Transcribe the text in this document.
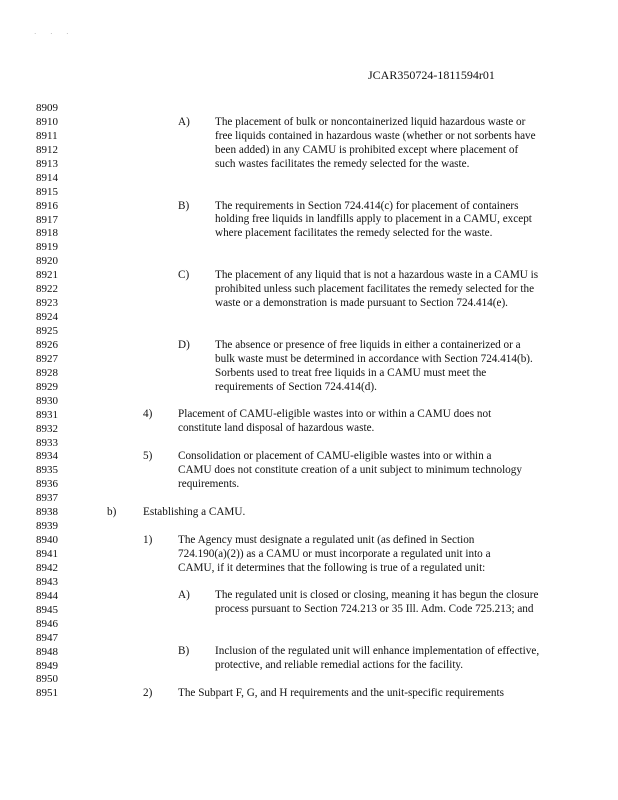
· · ·
JCAR350724-1811594r01
8909
8910
8911
8912
8913
8914
8915
8916
8917
8918
8919
8920
8921
8922
8923
8924
8925
8926
8927
8928
8929
8930
8931
8932
8933
8934
8935
8936
8937
8938
8939
8940
8941
8942
8943
8944
8945
8946
8947
8948
8949
8950
8951
A) The placement of bulk or noncontainerized liquid hazardous waste or free liquids contained in hazardous waste (whether or not sorbents have been added) in any CAMU is prohibited except where placement of such wastes facilitates the remedy selected for the waste.
B) The requirements in Section 724.414(c) for placement of containers holding free liquids in landfills apply to placement in a CAMU, except where placement facilitates the remedy selected for the waste.
C) The placement of any liquid that is not a hazardous waste in a CAMU is prohibited unless such placement facilitates the remedy selected for the waste or a demonstration is made pursuant to Section 724.414(e).
D) The absence or presence of free liquids in either a containerized or a bulk waste must be determined in accordance with Section 724.414(b). Sorbents used to treat free liquids in a CAMU must meet the requirements of Section 724.414(d).
4) Placement of CAMU-eligible wastes into or within a CAMU does not constitute land disposal of hazardous waste.
5) Consolidation or placement of CAMU-eligible wastes into or within a CAMU does not constitute creation of a unit subject to minimum technology requirements.
b) Establishing a CAMU.
1) The Agency must designate a regulated unit (as defined in Section 724.190(a)(2)) as a CAMU or must incorporate a regulated unit into a CAMU, if it determines that the following is true of a regulated unit:
A) The regulated unit is closed or closing, meaning it has begun the closure process pursuant to Section 724.213 or 35 Ill. Adm. Code 725.213; and
B) Inclusion of the regulated unit will enhance implementation of effective, protective, and reliable remedial actions for the facility.
2) The Subpart F, G, and H requirements and the unit-specific requirements
